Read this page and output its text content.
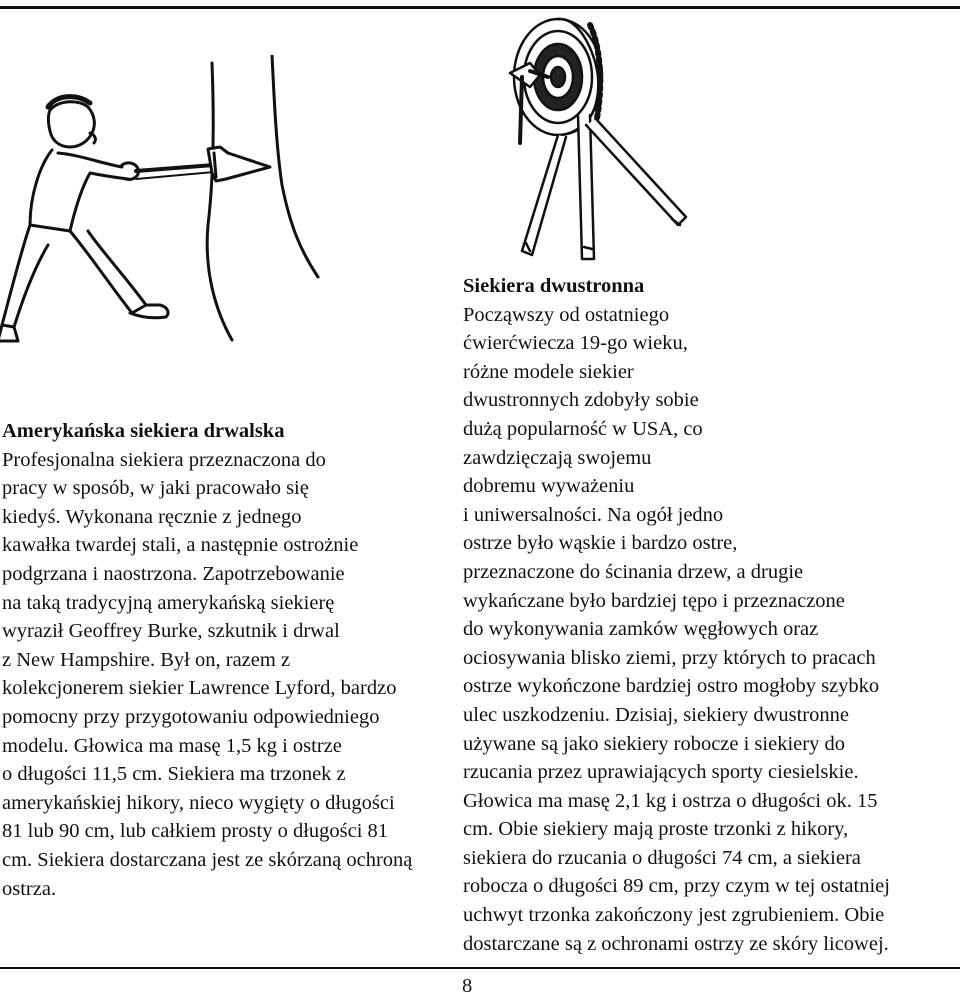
Amerykańska siekiera drwalska

Profesjonalna siekiera przeznaczona do
pracy w sposób, w jaki pracowało się
kiedyś. Wykonana ręcznie z jednego
kawałka twardej stali, a następnie ostrożnie
podgrzana i naostrzona. Zapotrzebowanie
na taką tradycyjną amerykańską siekierę
wyraził Geoffrey Burke, szkutnik i drwal
z New Hampshire. Był on, razem z
kolekcjonerem siekier Lawrence Lyford, bardzo
pomocny przy przygotowaniu odpowiedniego
modelu. Głowica ma masę 1,5 kg i ostrze
o długości 11,5 cm. Siekiera ma trzonek z
amerykańskiej hikory, nieco wygięty o długości
81 lub 90 cm, lub całkiem prosty o długości 81
cm. Siekiera dostarczana jest ze skórzaną ochroną
ostrza.

Siekiera dwustronna

Począwszy od ostatniego
ćwierćwiecza 19-go wieku,
różne modele siekier
dwustronnych zdobyły sobie
dużą popularność w USA, co
zawdzięczają swojemu
dobremu wyważeniu
i uniwersalności. Na ogół jedno
ostrze było wąskie i bardzo ostre,
przeznaczone do ścinania drzew, a drugie
wykańczane było bardziej tępo i przeznaczone
do wykonywania zamków węgłowych oraz
ociosywania blisko ziemi, przy których to pracach
ostrze wykończone bardziej ostro mogłoby szybko
ulec uszkodzeniu. Dzisiaj, siekiery dwustronne
używane są jako siekiery robocze i siekiery do
rzucania przez uprawiających sporty ciesielskie.
Głowica ma masę 2,1 kg i ostrza o długości ok. 15
cm. Obie siekiery mają proste trzonki z hikory,
siekiera do rzucania o długości 74 cm, a siekiera
robocza o długości 89 cm, przy czym w tej ostatniej
uchwyt trzonka zakończony jest zgrubieniem. Obie
dostarczane są z ochronami ostrzy ze skóry licowej.
8
